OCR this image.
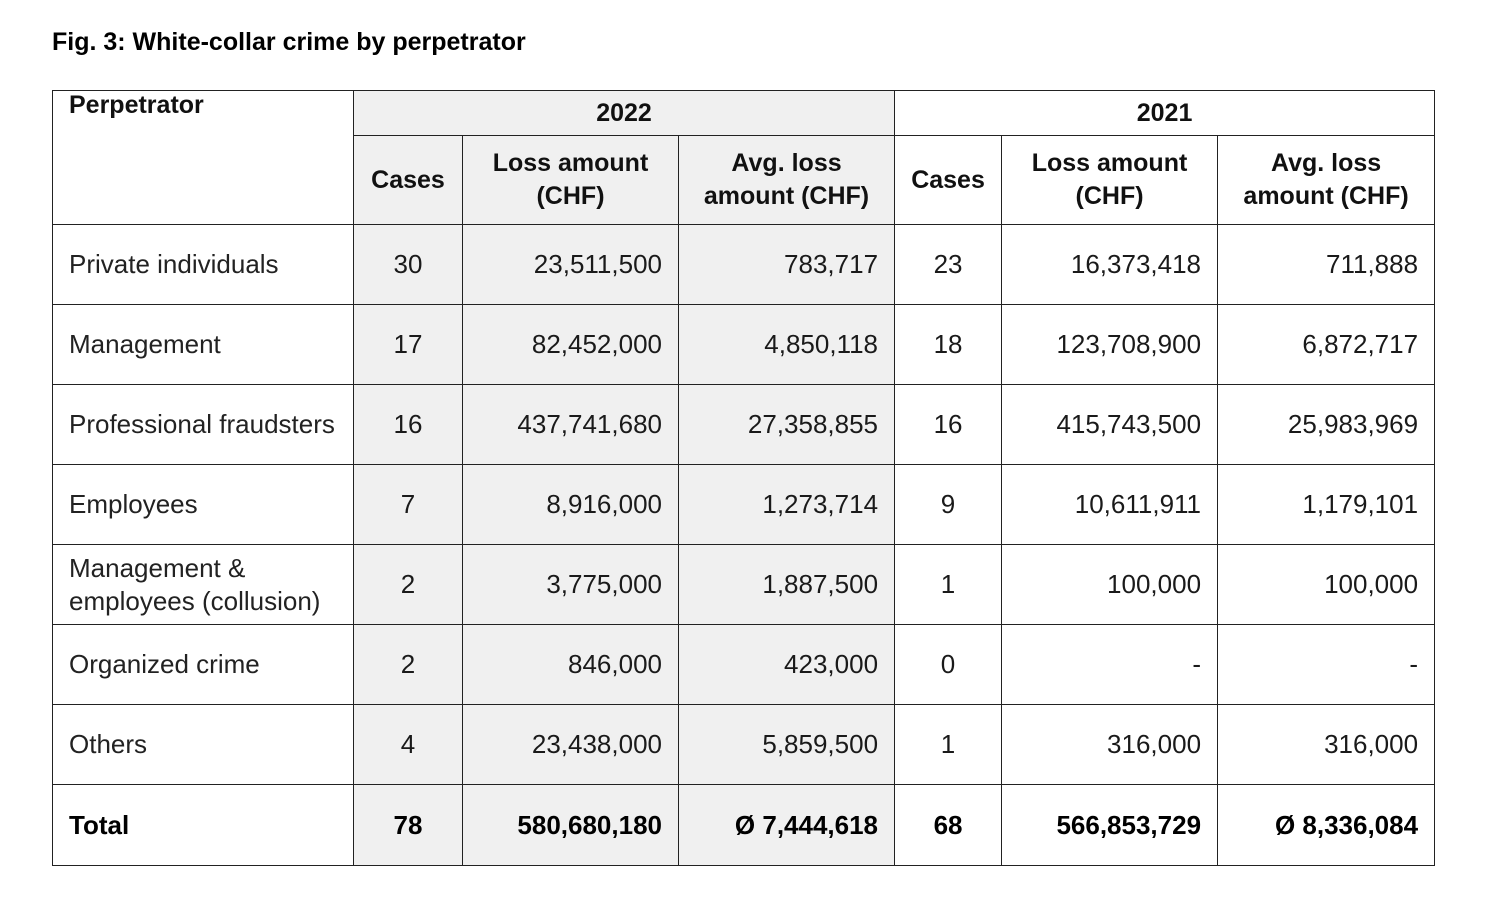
Fig. 3: White-collar crime by perpetrator
Perpetrator	2022			2021		
	Cases	Loss amount (CHF)	Avg. loss amount (CHF)	Cases	Loss amount (CHF)	Avg. loss amount (CHF)
Private individuals	30	23,511,500	783,717	23	16,373,418	711,888
Management	17	82,452,000	4,850,118	18	123,708,900	6,872,717
Professional fraudsters	16	437,741,680	27,358,855	16	415,743,500	25,983,969
Employees	7	8,916,000	1,273,714	9	10,611,911	1,179,101
Management & employees (collusion)	2	3,775,000	1,887,500	1	100,000	100,000
Organized crime	2	846,000	423,000	0	-	-
Others	4	23,438,000	5,859,500	1	316,000	316,000
Total	78	580,680,180	Ø 7,444,618	68	566,853,729	Ø 8,336,084
